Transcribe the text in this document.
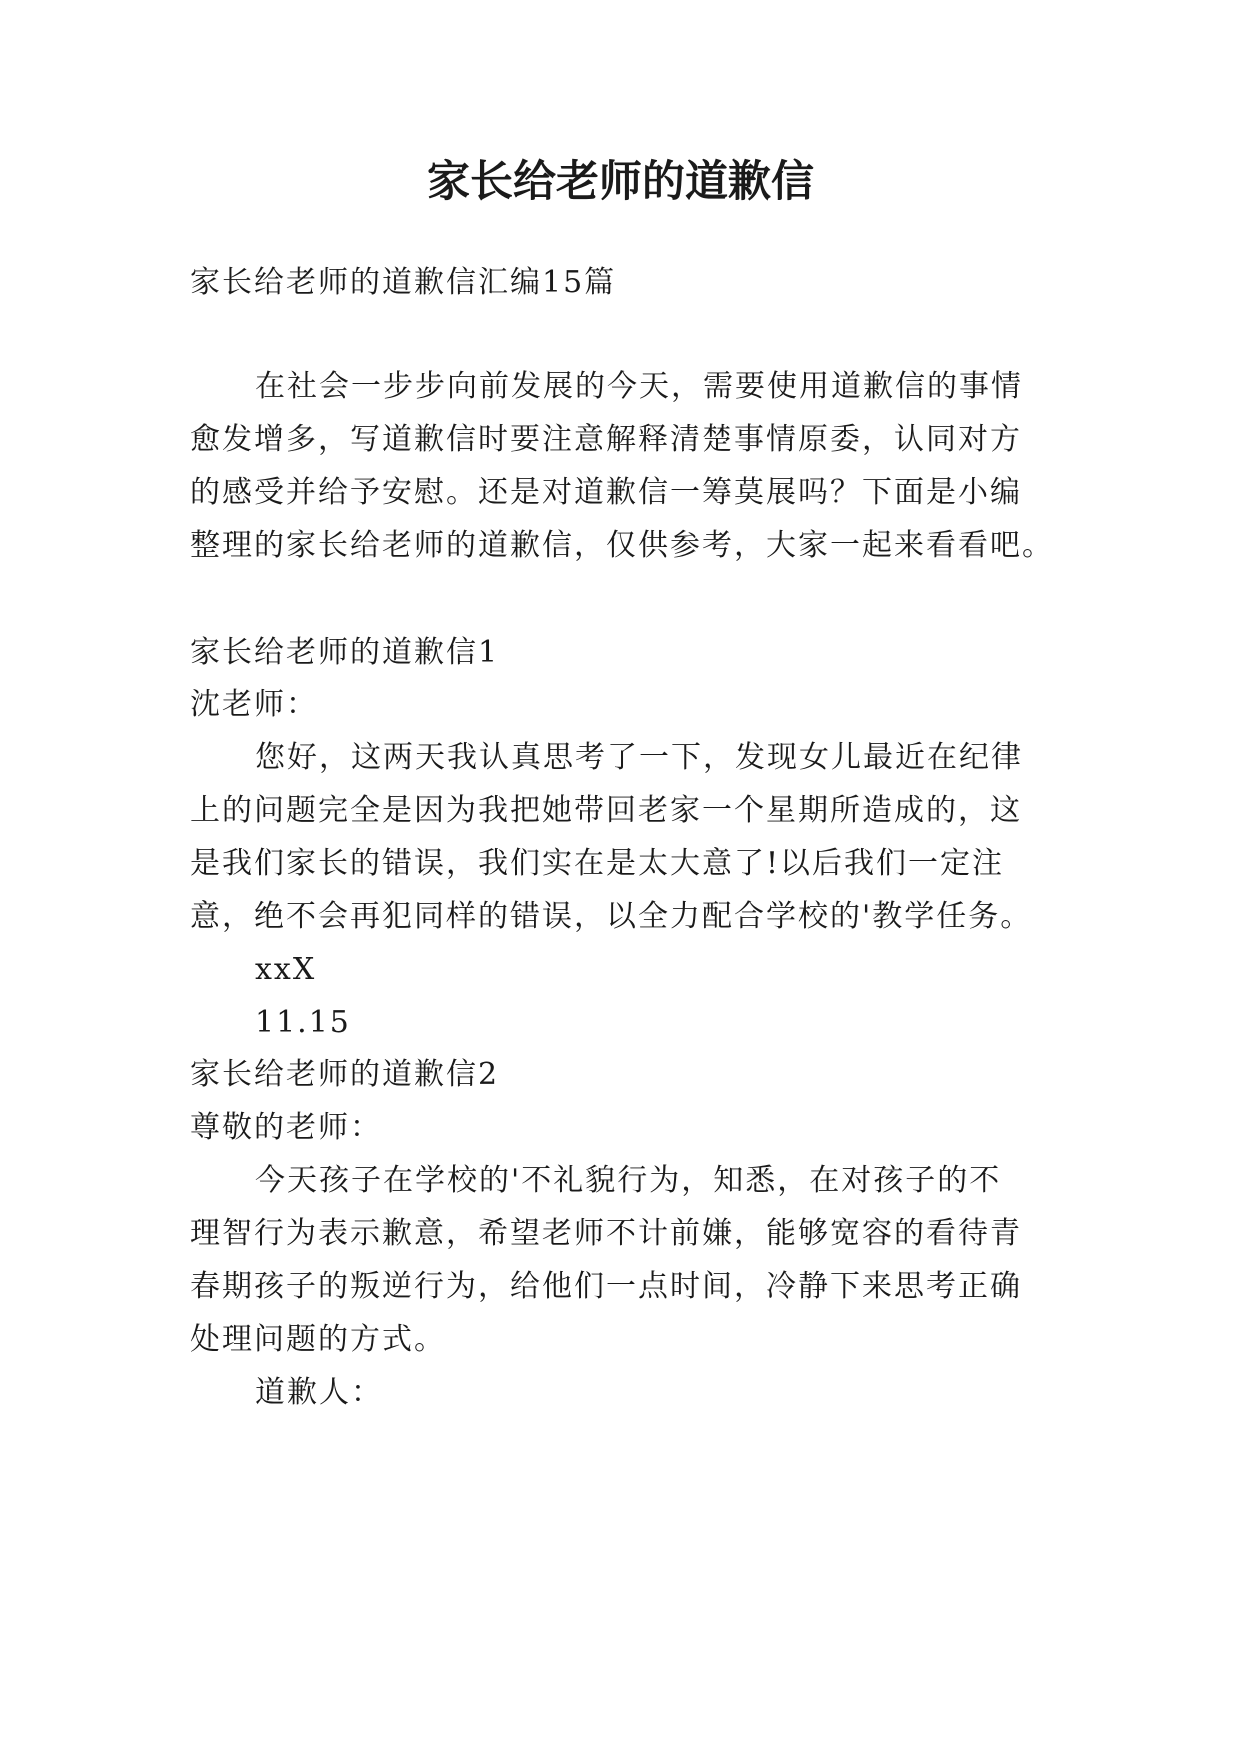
家长给老师的道歉信

家长给老师的道歉信汇编15篇

在社会一步步向前发展的今天，需要使用道歉信的事情

愈发增多，写道歉信时要注意解释清楚事情原委，认同对方

的感受并给予安慰。还是对道歉信一筹莫展吗？下面是小编

整理的家长给老师的道歉信，仅供参考，大家一起来看看吧。

家长给老师的道歉信1

沈老师：

您好，这两天我认真思考了一下，发现女儿最近在纪律

上的问题完全是因为我把她带回老家一个星期所造成的，这

是我们家长的错误，我们实在是太大意了!以后我们一定注

意，绝不会再犯同样的错误，以全力配合学校的'教学任务。

xxX

11.15

家长给老师的道歉信2

尊敬的老师：

今天孩子在学校的'不礼貌行为，知悉，在对孩子的不

理智行为表示歉意，希望老师不计前嫌，能够宽容的看待青

春期孩子的叛逆行为，给他们一点时间，冷静下来思考正确

处理问题的方式。

道歉人：
